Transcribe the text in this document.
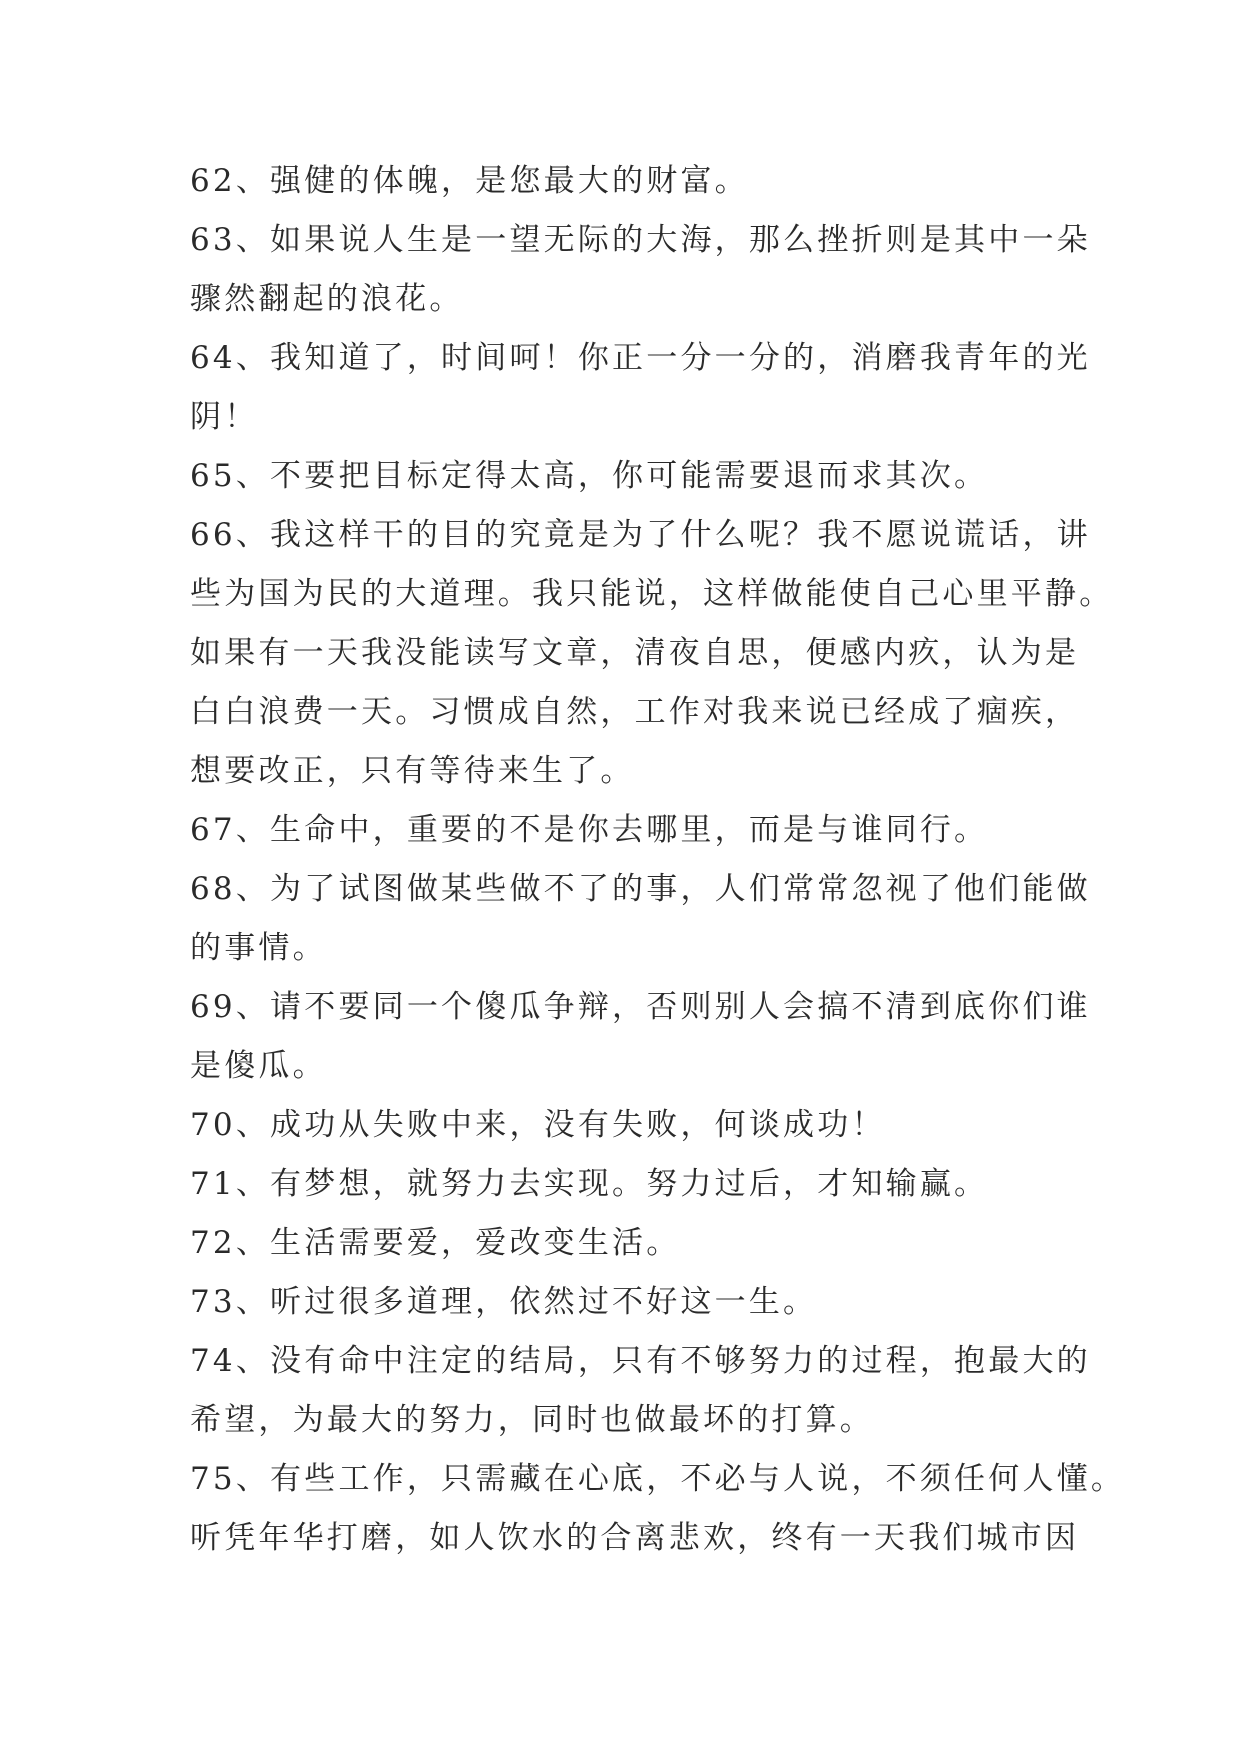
62、强健的体魄，是您最大的财富。
63、如果说人生是一望无际的大海，那么挫折则是其中一朵
骤然翻起的浪花。
64、我知道了，时间呵！你正一分一分的，消磨我青年的光
阴！
65、不要把目标定得太高，你可能需要退而求其次。
66、我这样干的目的究竟是为了什么呢？我不愿说谎话，讲
些为国为民的大道理。我只能说，这样做能使自己心里平静。
如果有一天我没能读写文章，清夜自思，便感内疚，认为是
白白浪费一天。习惯成自然，工作对我来说已经成了痼疾，
想要改正，只有等待来生了。
67、生命中，重要的不是你去哪里，而是与谁同行。
68、为了试图做某些做不了的事，人们常常忽视了他们能做
的事情。
69、请不要同一个傻瓜争辩，否则别人会搞不清到底你们谁
是傻瓜。
70、成功从失败中来，没有失败，何谈成功！
71、有梦想，就努力去实现。努力过后，才知输赢。
72、生活需要爱，爱改变生活。
73、听过很多道理，依然过不好这一生。
74、没有命中注定的结局，只有不够努力的过程，抱最大的
希望，为最大的努力，同时也做最坏的打算。
75、有些工作，只需藏在心底，不必与人说，不须任何人懂。
听凭年华打磨，如人饮水的合离悲欢，终有一天我们城市因
